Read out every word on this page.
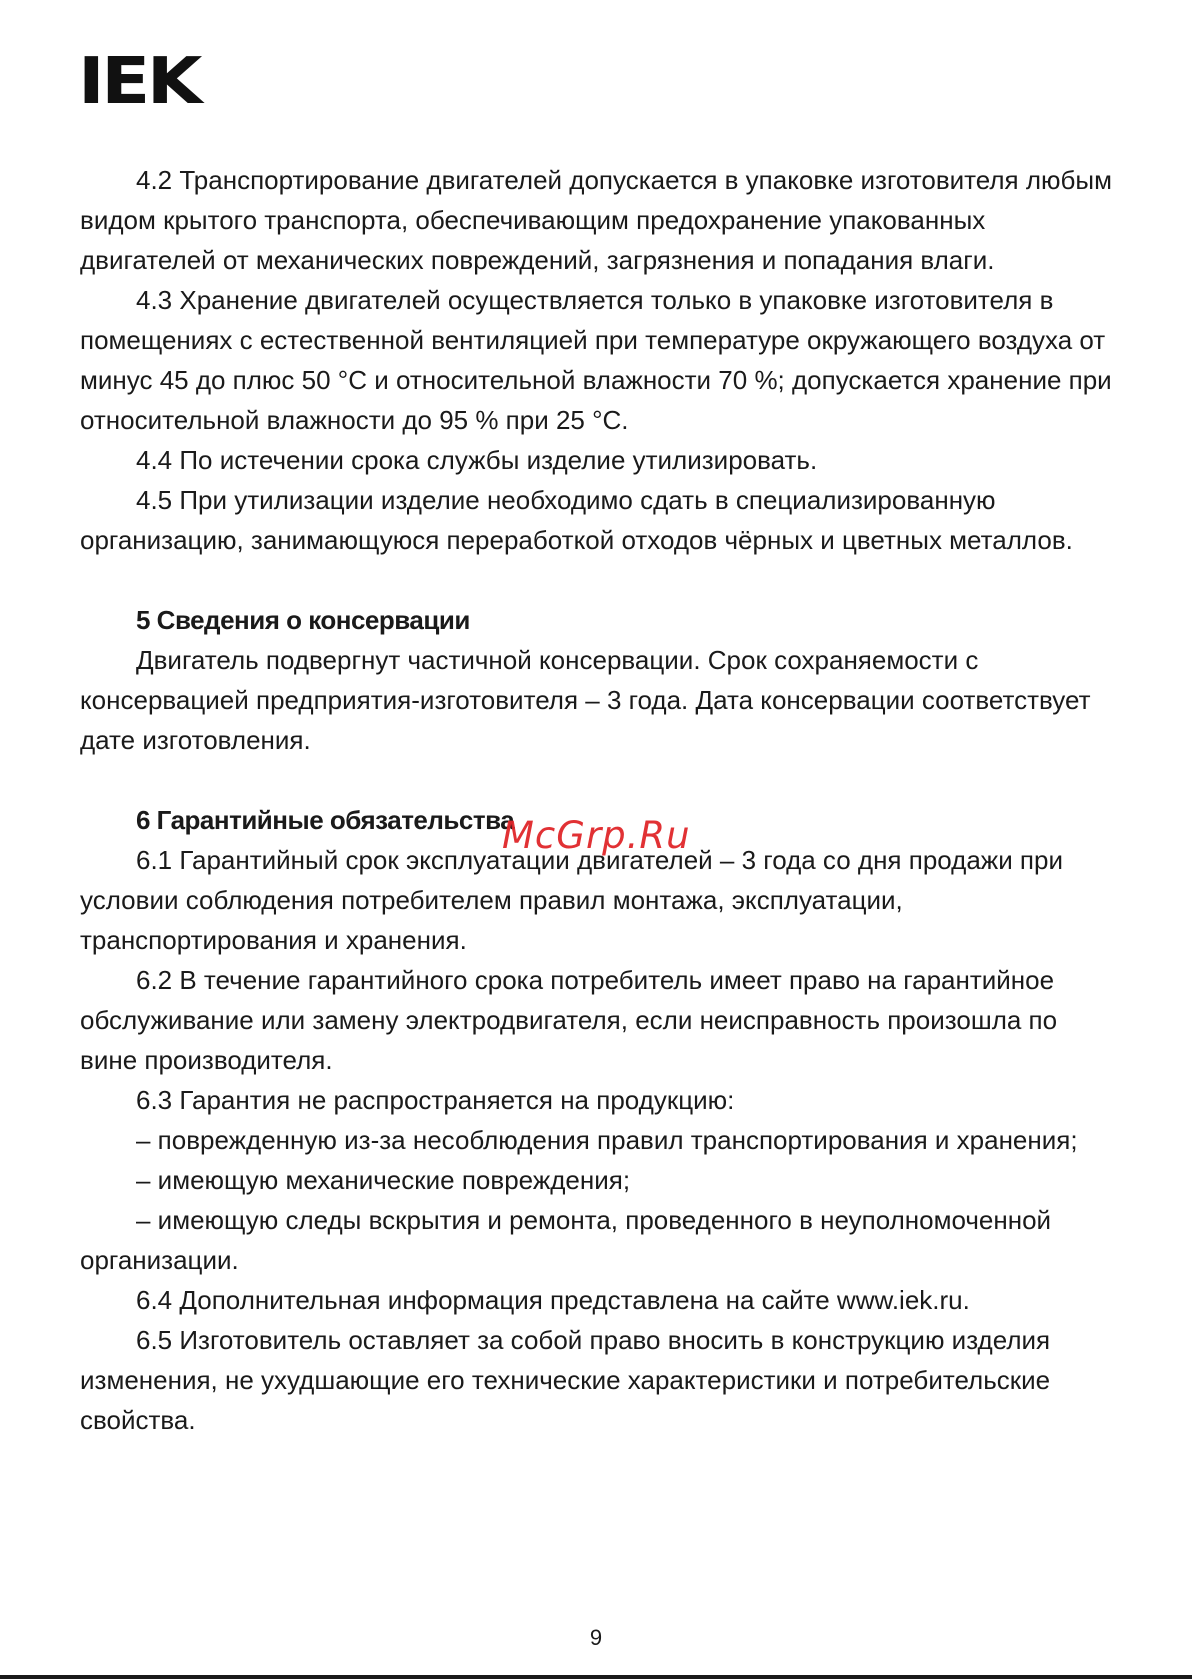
IEK

4.2 Транспортирование двигателей допускается в упаковке изготовителя любым видом крытого транспорта, обеспечивающим предохранение упакованных двигателей от механических повреждений, загрязнения и попадания влаги.

4.3 Хранение двигателей осуществляется только в упаковке изготовителя в помещениях с естественной вентиляцией при температуре окружающего воздуха от минус 45 до плюс 50 °С и относительной влажности 70 %; допускается хранение при относительной влажности до 95 % при 25 °С.

4.4 По истечении срока службы изделие утилизировать.

4.5 При утилизации изделие необходимо сдать в специализированную организацию, занимающуюся переработкой отходов чёрных и цветных металлов.

5 Сведения о консервации

Двигатель подвергнут частичной консервации. Срок сохраняемости с консервацией предприятия-изготовителя – 3 года. Дата консервации соответствует дате изготовления.

6 Гарантийные обязательства

6.1 Гарантийный срок эксплуатации двигателей – 3 года со дня продажи при условии соблюдения потребителем правил монтажа, эксплуатации, транспортирования и хранения.

6.2 В течение гарантийного срока потребитель имеет право на гарантийное обслуживание или замену электродвигателя, если неисправность произошла по вине производителя.

6.3 Гарантия не распространяется на продукцию:

– поврежденную из-за несоблюдения правил транспортирования и хранения;

– имеющую механические повреждения;

– имеющую следы вскрытия и ремонта, проведенного в неуполномоченной организации.

6.4 Дополнительная информация представлена на сайте www.iek.ru.

6.5 Изготовитель оставляет за собой право вносить в конструкцию изделия изменения, не ухудшающие его технические характеристики и потребительские свойства.

McGrp.Ru
9
